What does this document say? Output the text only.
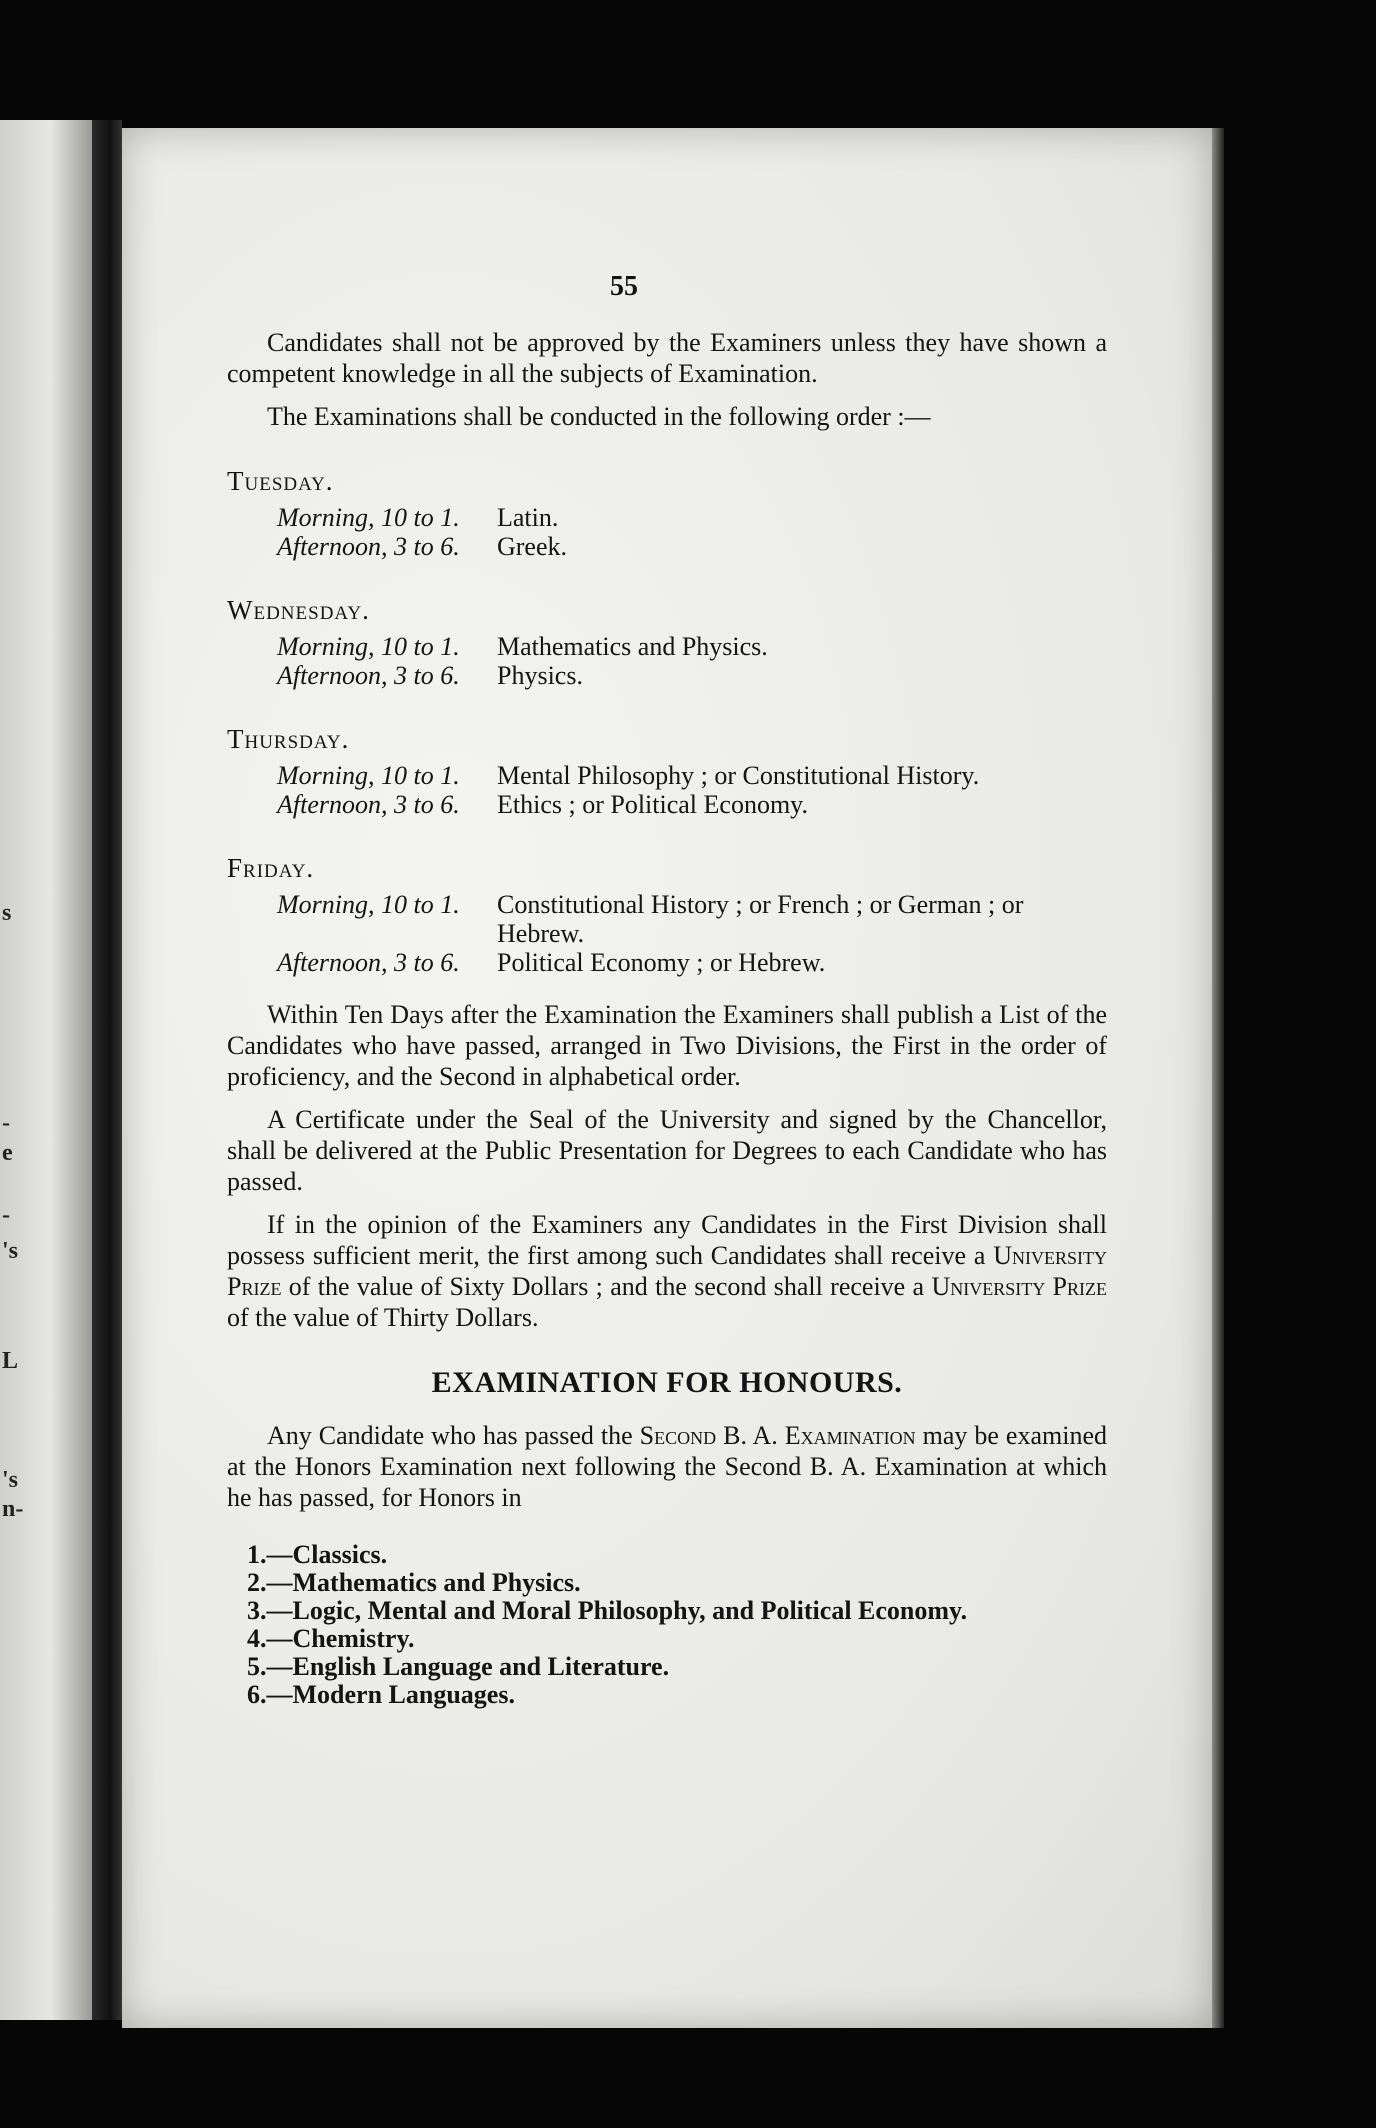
s
-
e
-
's
L
's
n-
55

Candidates shall not be approved by the Examiners unless they have shown a competent knowledge in all the subjects of Examination.

The Examinations shall be conducted in the following order :—

Tuesday.
Morning, 10 to 1.	Latin.
Afternoon, 3 to 6.	Greek.
Wednesday.
Morning, 10 to 1.	Mathematics and Physics.
Afternoon, 3 to 6.	Physics.
Thursday.
Morning, 10 to 1.	Mental Philosophy ; or Constitutional History.
Afternoon, 3 to 6.	Ethics ; or Political Economy.
Friday.
Morning, 10 to 1.	Constitutional History ; or French ; or German ; or Hebrew.
Afternoon, 3 to 6.	Political Economy ; or Hebrew.

Within Ten Days after the Examination the Examiners shall publish a List of the Candidates who have passed, arranged in Two Divisions, the First in the order of proficiency, and the Second in alphabetical order.

A Certificate under the Seal of the University and signed by the Chancellor, shall be delivered at the Public Presentation for Degrees to each Candidate who has passed.

If in the opinion of the Examiners any Candidates in the First Division shall possess sufficient merit, the first among such Candidates shall receive a University Prize of the value of Sixty Dollars ; and the second shall receive a University Prize of the value of Thirty Dollars.

EXAMINATION FOR HONOURS.

Any Candidate who has passed the Second B. A. Examination may be examined at the Honors Examination next following the Second B. A. Examination at which he has passed, for Honors in

1.—Classics.
2.—Mathematics and Physics.
3.—Logic, Mental and Moral Philosophy, and Political Economy.
4.—Chemistry.
5.—English Language and Literature.
6.—Modern Languages.
